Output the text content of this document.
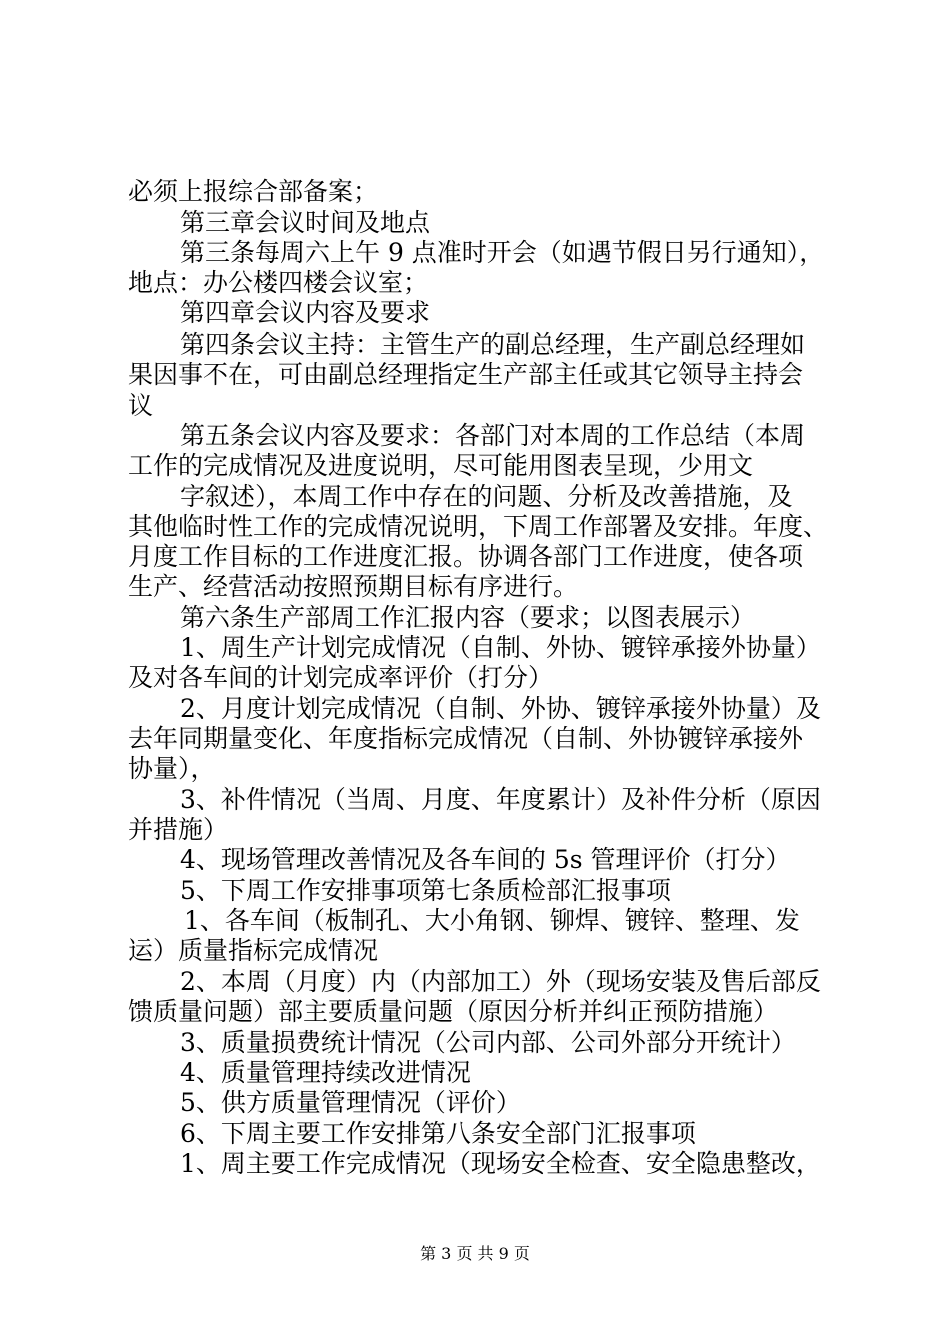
必须上报综合部备案；
第三章会议时间及地点
第三条每周六上午 9 点准时开会（如遇节假日另行通知），
地点：办公楼四楼会议室；
第四章会议内容及要求
第四条会议主持：主管生产的副总经理，生产副总经理如
果因事不在，可由副总经理指定生产部主任或其它领导主持会
议
第五条会议内容及要求：各部门对本周的工作总结（本周
工作的完成情况及进度说明，尽可能用图表呈现，少用文
字叙述），本周工作中存在的问题、分析及改善措施，及
其他临时性工作的完成情况说明，下周工作部署及安排。年度、
月度工作目标的工作进度汇报。协调各部门工作进度，使各项
生产、经营活动按照预期目标有序进行。
第六条生产部周工作汇报内容（要求；以图表展示）
1、周生产计划完成情况（自制、外协、镀锌承接外协量）
及对各车间的计划完成率评价（打分）
2、月度计划完成情况（自制、外协、镀锌承接外协量）及
去年同期量变化、年度指标完成情况（自制、外协镀锌承接外
协量），
3、补件情况（当周、月度、年度累计）及补件分析（原因
并措施）
4、现场管理改善情况及各车间的 5s 管理评价（打分）
5、下周工作安排事项第七条质检部汇报事项
1、各车间（板制孔、大小角钢、铆焊、镀锌、整理、发
运）质量指标完成情况
2、本周（月度）内（内部加工）外（现场安装及售后部反
馈质量问题）部主要质量问题（原因分析并纠正预防措施）
3、质量损费统计情况（公司内部、公司外部分开统计）
4、质量管理持续改进情况
5、供方质量管理情况（评价）
6、下周主要工作安排第八条安全部门汇报事项
1、周主要工作完成情况（现场安全检查、安全隐患整改，
第 3 页 共 9 页
